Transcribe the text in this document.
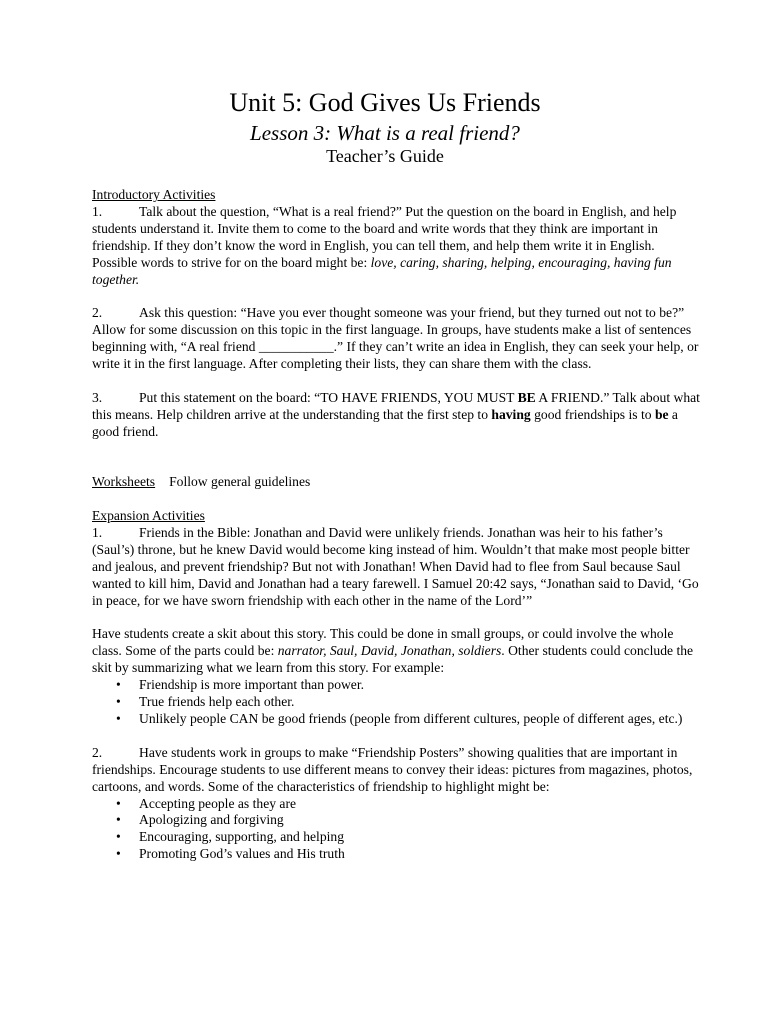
Unit 5: God Gives Us Friends
Lesson 3: What is a real friend?
Teacher’s Guide

Introductory Activities

1.	Talk about the question, “What is a real friend?” Put the question on the board in English, and help students understand it. Invite them to come to the board and write words that they think are important in friendship. If they don’t know the word in English, you can tell them, and help them write it in English. Possible words to strive for on the board might be: love, caring, sharing, helping, encouraging, having fun together.

2.	Ask this question: “Have you ever thought someone was your friend, but they turned out not to be?” Allow for some discussion on this topic in the first language. In groups, have students make a list of sentences beginning with, “A real friend ___________.” If they can’t write an idea in English, they can seek your help, or write it in the first language. After completing their lists, they can share them with the class.

3.	Put this statement on the board: “TO HAVE FRIENDS, YOU MUST BE A FRIEND.” Talk about what this means. Help children arrive at the understanding that the first step to having good friendships is to be a good friend.

Worksheets Follow general guidelines

Expansion Activities

1.	Friends in the Bible: Jonathan and David were unlikely friends. Jonathan was heir to his father’s (Saul’s) throne, but he knew David would become king instead of him. Wouldn’t that make most people bitter and jealous, and prevent friendship? But not with Jonathan! When David had to flee from Saul because Saul wanted to kill him, David and Jonathan had a teary farewell. I Samuel 20:42 says, “Jonathan said to David, ‘Go in peace, for we have sworn friendship with each other in the name of the Lord’”

Have students create a skit about this story. This could be done in small groups, or could involve the whole class. Some of the parts could be: narrator, Saul, David, Jonathan, soldiers. Other students could conclude the skit by summarizing what we learn from this story. For example:

• Friendship is more important than power.
• True friends help each other.
• Unlikely people CAN be good friends (people from different cultures, people of different ages, etc.)

2.	Have students work in groups to make “Friendship Posters” showing qualities that are important in friendships. Encourage students to use different means to convey their ideas: pictures from magazines, photos, cartoons, and words. Some of the characteristics of friendship to highlight might be:

• Accepting people as they are
• Apologizing and forgiving
• Encouraging, supporting, and helping
• Promoting God’s values and His truth
